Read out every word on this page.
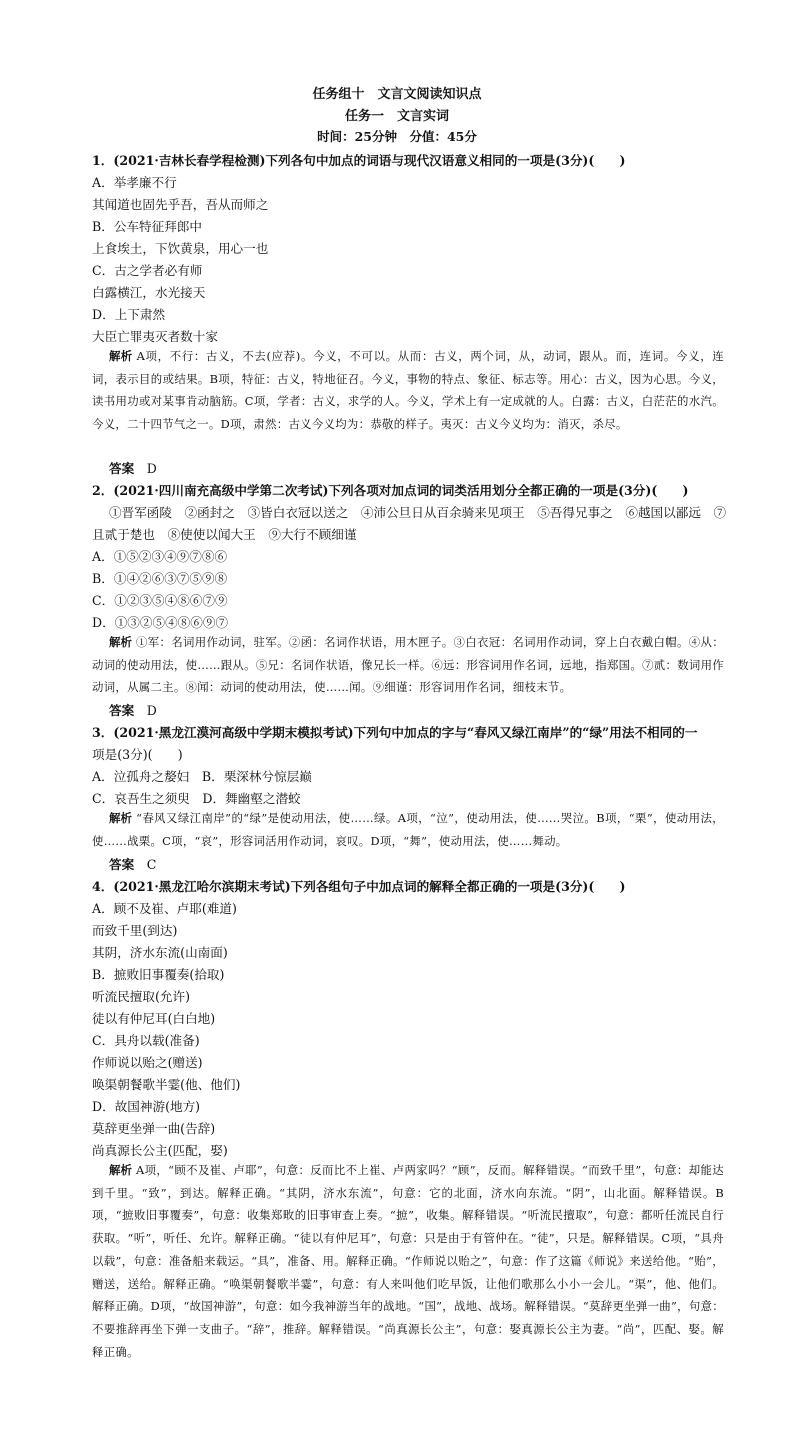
任务组十　文言文阅读知识点
任务一　文言实词
时间：25分钟　分值：45分
1．(2021·吉林长春学程检测)下列各句中加点的词语与现代汉语意义相同的一项是(3分)(　　)
A．举孝廉不行
其闻道也固先乎吾，吾从而师之
B．公车特征拜郎中
上食埃土，下饮黄泉，用心一也
C．古之学者必有师
白露横江，水光接天
D．上下肃然
大臣亡罪夷灭者数十家
解析 A项，不行：古义，不去(应荐)。今义，不可以。从而：古义，两个词，从，动词，跟从。而，连词。今义，连词，表示目的或结果。B项，特征：古义，特地征召。今义，事物的特点、象征、标志等。用心：古义，因为心思。今义，读书用功或对某事肯动脑筋。C项，学者：古义，求学的人。今义，学术上有一定成就的人。白露：古义，白茫茫的水汽。今义，二十四节气之一。D项，肃然：古义今义均为：恭敬的样子。夷灭：古义今义均为：消灭，杀尽。
答案　 D
2．(2021·四川南充高级中学第二次考试)下列各项对加点词的词类活用划分全都正确的一项是(3分)(　　)
①晋军函陵　②函封之　③皆白衣冠以送之　④沛公旦日从百余骑来见项王　⑤吾得兄事之　⑥越国以鄙远　⑦
且贰于楚也　⑧使使以闻大王　⑨大行不顾细谨
A．①⑤②③④⑨⑦⑧⑥
B．①④②⑥③⑦⑤⑨⑧
C．①②③⑤④⑧⑥⑦⑨
D．①③②⑤④⑧⑥⑨⑦
解析 ①军：名词用作动词，驻军。②函：名词作状语，用木匣子。③白衣冠：名词用作动词，穿上白衣戴白帽。④从：动词的使动用法，使……跟从。⑤兄：名词作状语，像兄长一样。⑥远：形容词用作名词，远地，指郑国。⑦贰：数词用作动词，从属二主。⑧闻：动词的使动用法，使……闻。⑨细谨：形容词用作名词，细枝末节。
答案　 D
3．(2021·黑龙江漠河高级中学期末模拟考试)下列句中加点的字与“春风又绿江南岸”的“绿”用法不相同的一
项是(3分)(　　)
A．泣孤舟之嫠妇　B．栗深林兮惊层巅
C．哀吾生之须臾　D．舞幽壑之潜蛟
解析 “春风又绿江南岸”的“绿”是使动用法，使……绿。A项，“泣”，使动用法，使……哭泣。B项，“栗”，使动用法，使……战栗。C项，“哀”，形容词活用作动词，哀叹。D项，“舞”，使动用法，使……舞动。
答案　 C
4．(2021·黑龙江哈尔滨期末考试)下列各组句子中加点词的解释全都正确的一项是(3分)(　　)
A．顾不及崔、卢耶(难道)
而致千里(到达)
其阴，济水东流(山南面)
B．摭败旧事覆奏(拾取)
听流民擅取(允许)
徒以有仲尼耳(白白地)
C．具舟以载(准备)
作师说以贻之(赠送)
唤渠朝餐歌半霎(他、他们)
D．故国神游(地方)
莫辞更坐弹一曲(告辞)
尚真源长公主(匹配，娶)
解析 A项，“顾不及崔、卢耶”，句意：反而比不上崔、卢两家吗？“顾”，反而。解释错误。“而致千里”，句意：却能达到千里。“致”，到达。解释正确。“其阴，济水东流”，句意：它的北面，济水向东流。“阴”，山北面。解释错误。B项，“摭败旧事覆奏”，句意：收集郑畋的旧事审查上奏。“摭”，收集。解释错误。“听流民擅取”，句意：都听任流民自行获取。“听”，听任、允许。解释正确。“徒以有仲尼耳”，句意：只是由于有管仲在。“徒”，只是。解释错误。C项，“具舟以载”，句意：准备船来载运。“具”，准备、用。解释正确。“作师说以贻之”，句意：作了这篇《师说》来送给他。“贻”，赠送，送给。解释正确。“唤渠朝餐歌半霎”，句意：有人来叫他们吃早饭，让他们歌那么小小一会儿。“渠”，他、他们。解释正确。D项，“故国神游”，句意：如今我神游当年的战地。“国”，战地、战场。解释错误。“莫辞更坐弹一曲”，句意：不要推辞再坐下弹一支曲子。“辞”，推辞。解释错误。“尚真源长公主”，句意：娶真源长公主为妻。“尚”，匹配、娶。解释正确。
